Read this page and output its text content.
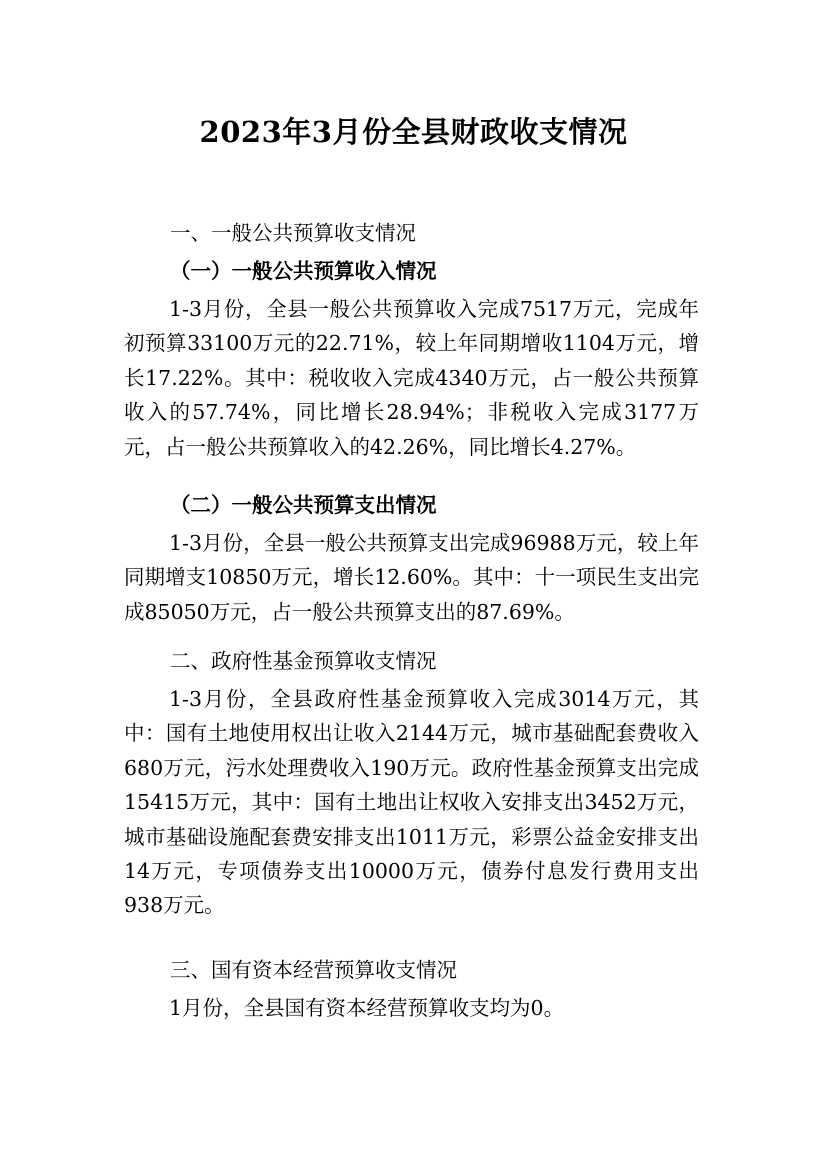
2023年3月份全县财政收支情况
一、一般公共预算收支情况
（一）一般公共预算收入情况

1-3月份，全县一般公共预算收入完成7517万元，完成年初预算33100万元的22.71%，较上年同期增收1104万元，增长17.22%。其中：税收收入完成4340万元，占一般公共预算收入的57.74%，同比增长28.94%；非税收入完成3177万元，占一般公共预算收入的42.26%，同比增长4.27%。

（二）一般公共预算支出情况

1-3月份，全县一般公共预算支出完成96988万元，较上年同期增支10850万元，增长12.60%。其中：十一项民生支出完成85050万元，占一般公共预算支出的87.69%。

二、政府性基金预算收支情况

1-3月份，全县政府性基金预算收入完成3014万元，其中：国有土地使用权出让收入2144万元，城市基础配套费收入680万元，污水处理费收入190万元。政府性基金预算支出完成15415万元，其中：国有土地出让权收入安排支出3452万元，城市基础设施配套费安排支出1011万元，彩票公益金安排支出14万元，专项债券支出10000万元，债券付息发行费用支出938万元。

三、国有资本经营预算收支情况

1月份，全县国有资本经营预算收支均为0。
